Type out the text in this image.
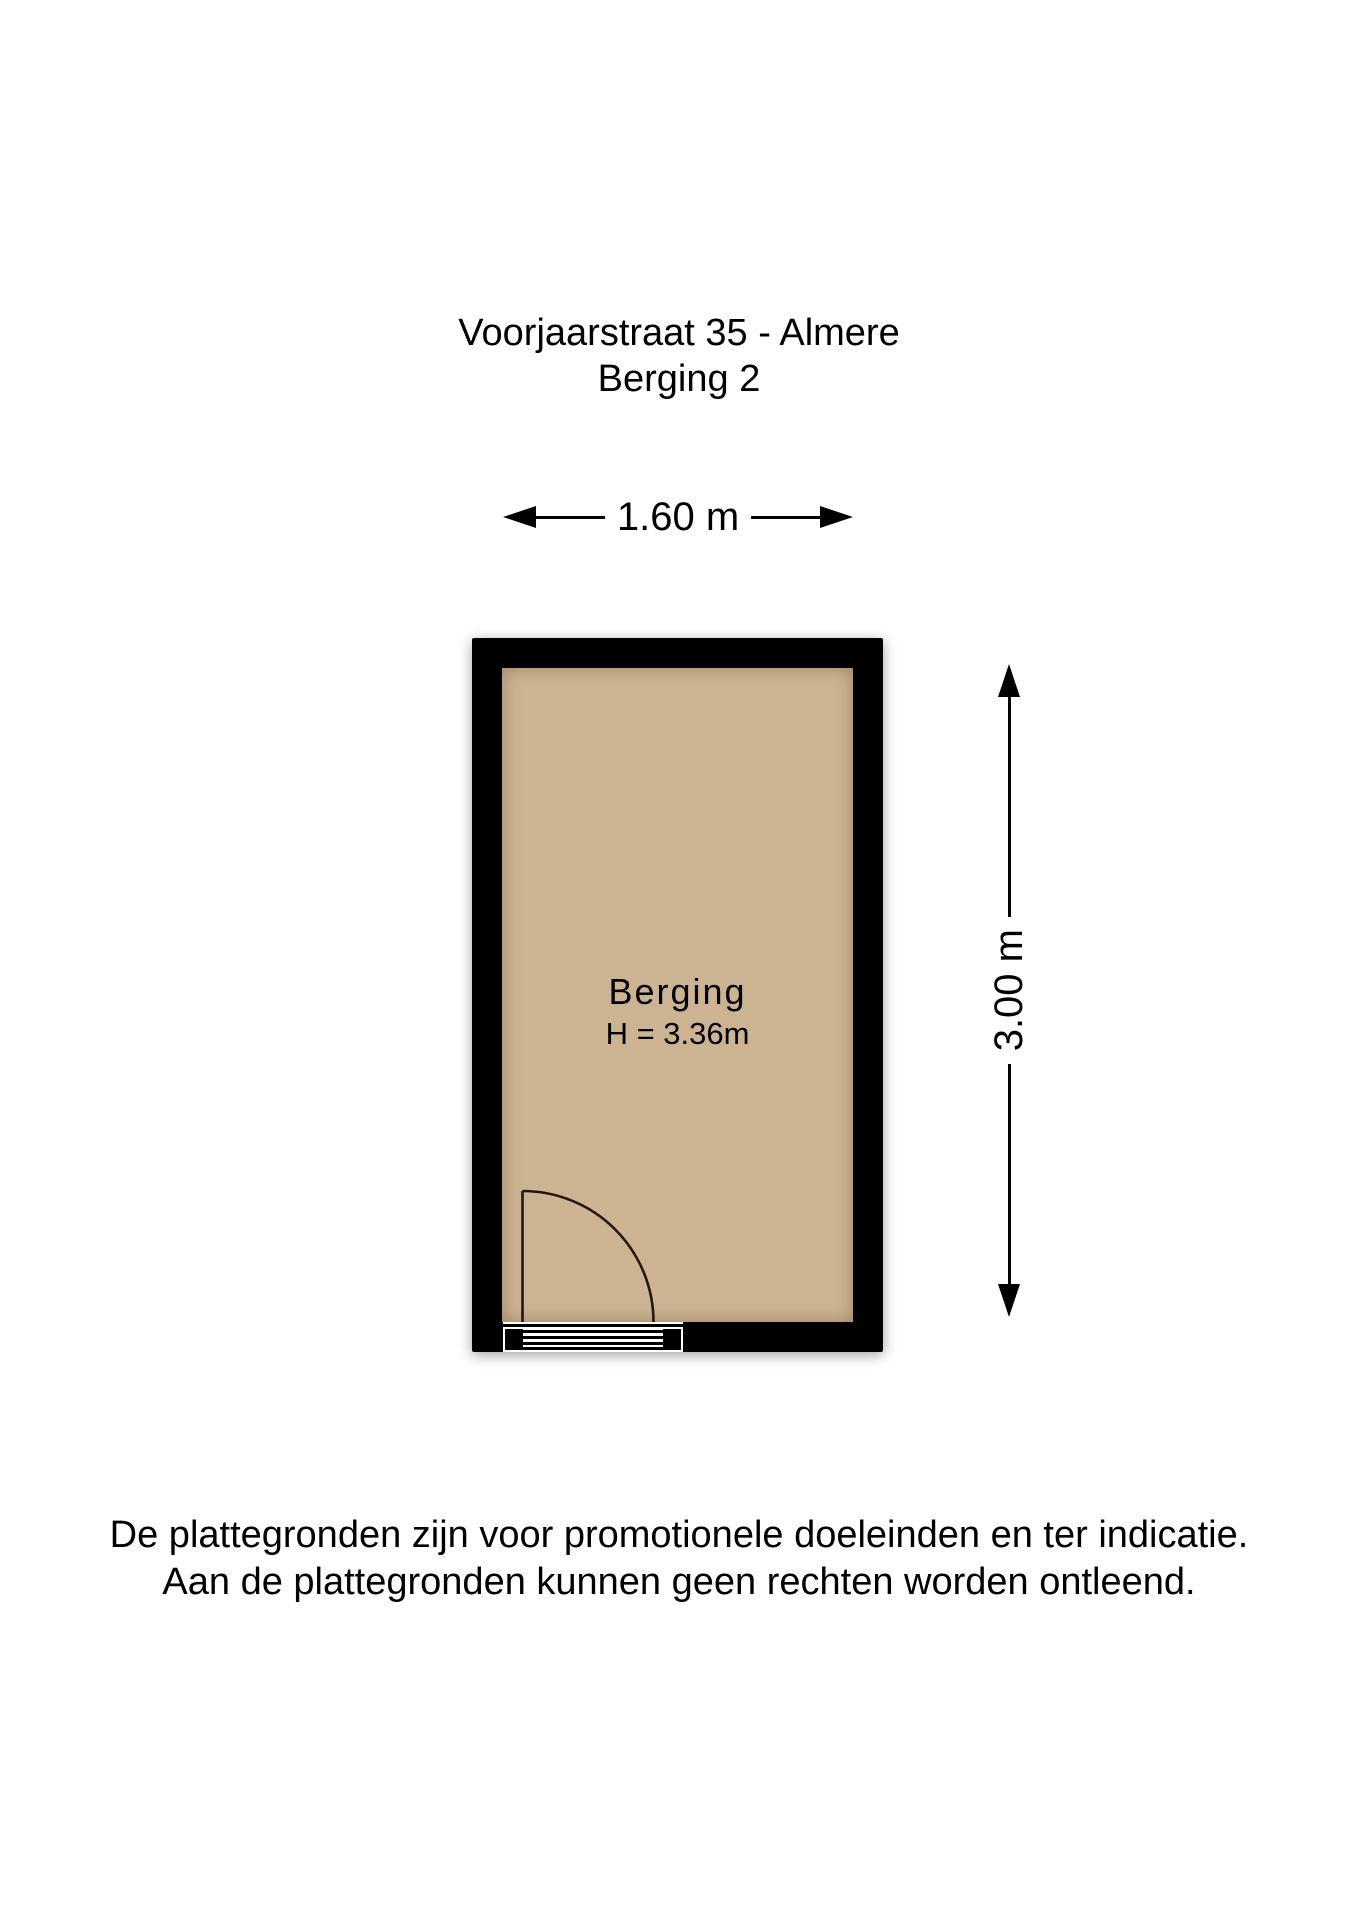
Voorjaarstraat 35 - Almere
Berging 2
1.60 m
Berging
H = 3.36m	3.00 m
De plattegronden zijn voor promotionele doeleinden en ter indicatie.
Aan de plattegronden kunnen geen rechten worden ontleend.
